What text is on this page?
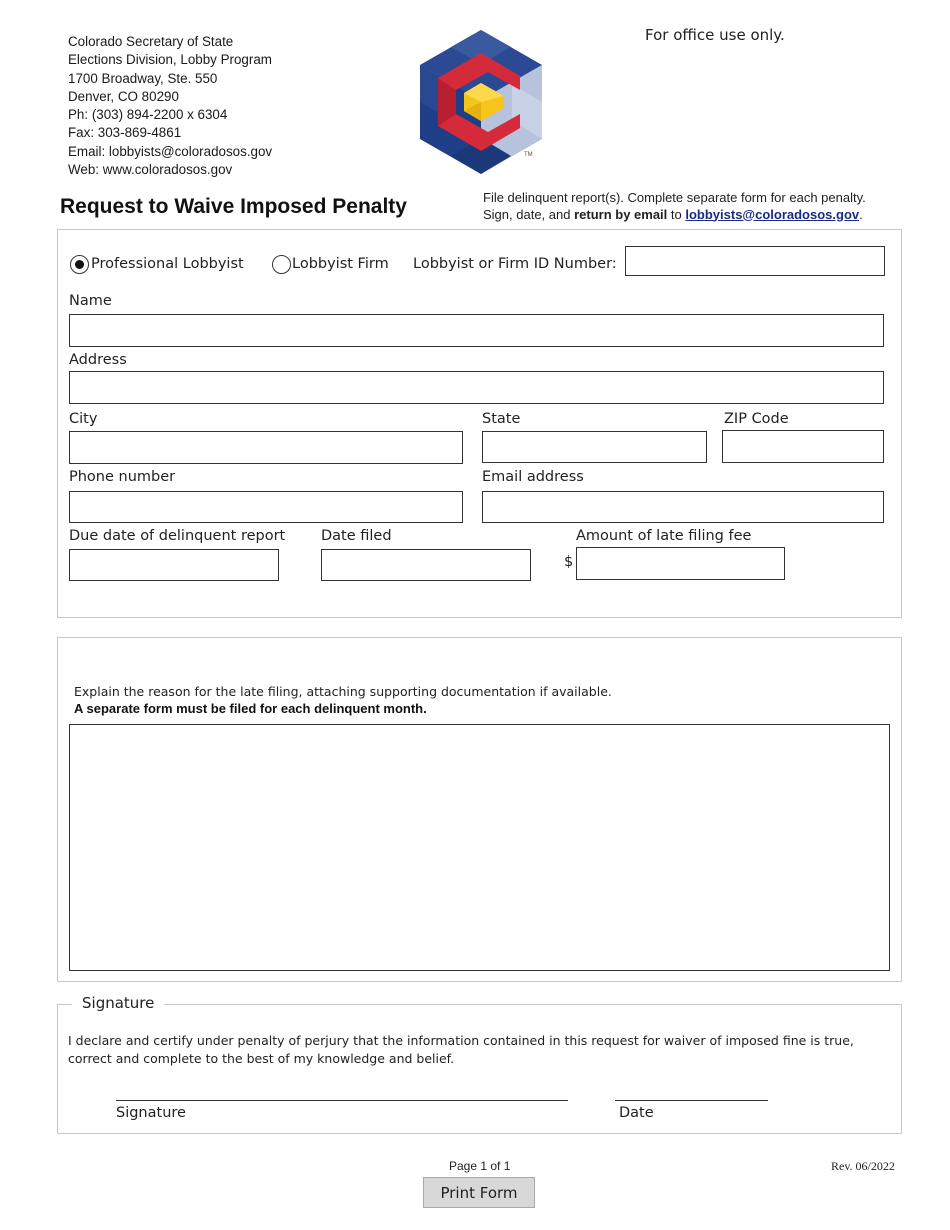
Colorado Secretary of State
Elections Division, Lobby Program
1700 Broadway, Ste. 550
Denver, CO 80290
Ph: (303) 894-2200 x 6304
Fax: 303-869-4861
Email: lobbyists@coloradosos.gov
Web: www.coloradosos.gov
TM
For office use only.
Request to Waive Imposed Penalty	File delinquent report(s). Complete separate form for each penalty.
Sign, date, and return by email to lobbyists@coloradosos.gov.
Professional Lobbyist	Lobbyist Firm Lobbyist or Firm ID Number:
Name
Address
City	State	ZIP Code
Phone number	Email address
Due date of delinquent report Date filed	Amount of late filing fee
$
Explain the reason for the late filing, attaching supporting documentation if available.
A separate form must be filed for each delinquent month.
Signature
I declare and certify under penalty of perjury that the information contained in this request for waiver of imposed fine is true, correct and complete to the best of my knowledge and belief.
Signature	Date
Page 1 of 1	Rev. 06/2022
Print Form
